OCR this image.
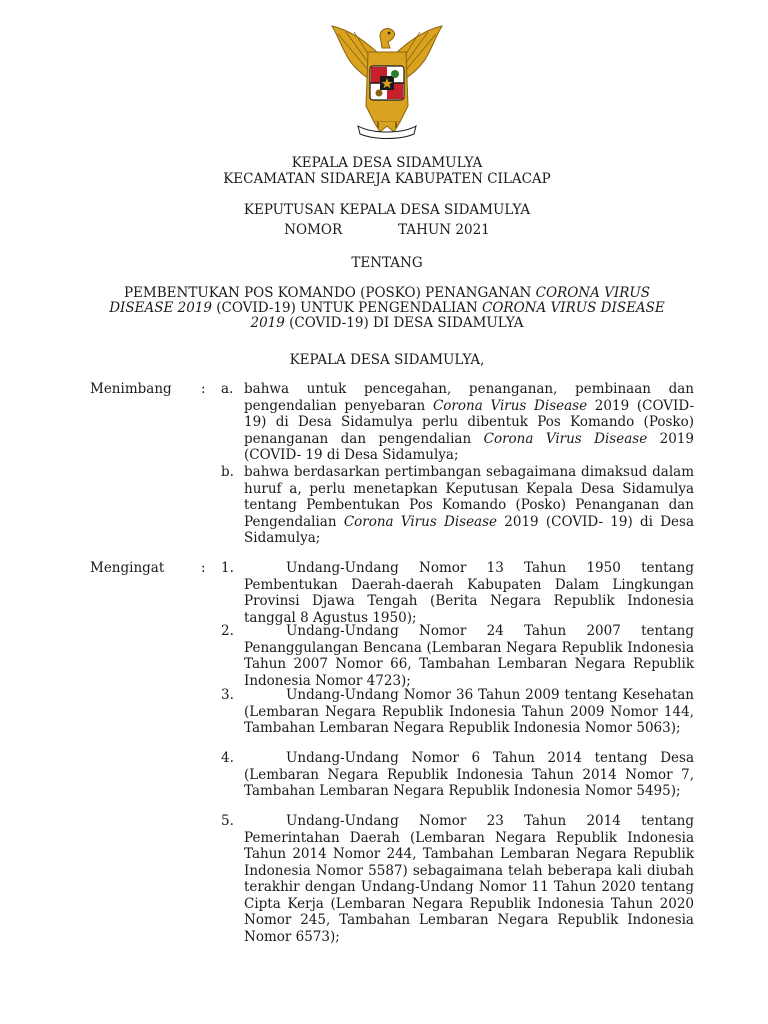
KEPALA DESA SIDAMULYA
KECAMATAN SIDAREJA KABUPATEN CILACAP
KEPUTUSAN KEPALA DESA SIDAMULYA
NOMOR	TAHUN 2021
TENTANG
PEMBENTUKAN POS KOMANDO (POSKO) PENANGANAN CORONA VIRUS
DISEASE 2019 (COVID-19) UNTUK PENGENDALIAN CORONA VIRUS DISEASE
2019 (COVID-19) DI DESA SIDAMULYA
KEPALA DESA SIDAMULYA,
Menimbang : a. bahwa untuk pencegahan, penanganan, pembinaan dan pengendalian penyebaran Corona Virus Disease 2019 (COVID-19) di Desa Sidamulya perlu dibentuk Pos Komando (Posko) penanganan dan pengendalian Corona Virus Disease 2019 (COVID- 19 di Desa Sidamulya;
b. bahwa berdasarkan pertimbangan sebagaimana dimaksud dalam huruf a, perlu menetapkan Keputusan Kepala Desa Sidamulya tentang Pembentukan Pos Komando (Posko) Penanganan dan Pengendalian Corona Virus Disease 2019 (COVID- 19) di Desa Sidamulya;
Mengingat	: 1.	Undang-Undang Nomor 13 Tahun 1950 tentang Pembentukan Daerah-daerah Kabupaten Dalam Lingkungan Provinsi Djawa Tengah (Berita Negara Republik Indonesia tanggal 8 Agustus 1950);
2.	Undang-Undang Nomor 24 Tahun 2007 tentang Penanggulangan Bencana (Lembaran Negara Republik Indonesia Tahun 2007 Nomor 66, Tambahan Lembaran Negara Republik Indonesia Nomor 4723);
3.	Undang-Undang Nomor 36 Tahun 2009 tentang Kesehatan (Lembaran Negara Republik Indonesia Tahun 2009 Nomor 144, Tambahan Lembaran Negara Republik Indonesia Nomor 5063);
4.	Undang-Undang Nomor 6 Tahun 2014 tentang Desa (Lembaran Negara Republik Indonesia Tahun 2014 Nomor 7, Tambahan Lembaran Negara Republik Indonesia Nomor 5495);
5.	Undang-Undang Nomor 23 Tahun 2014 tentang Pemerintahan Daerah (Lembaran Negara Republik Indonesia Tahun 2014 Nomor 244, Tambahan Lembaran Negara Republik Indonesia Nomor 5587) sebagaimana telah beberapa kali diubah terakhir dengan Undang-Undang Nomor 11 Tahun 2020 tentang Cipta Kerja (Lembaran Negara Republik Indonesia Tahun 2020 Nomor 245, Tambahan Lembaran Negara Republik Indonesia Nomor 6573);
